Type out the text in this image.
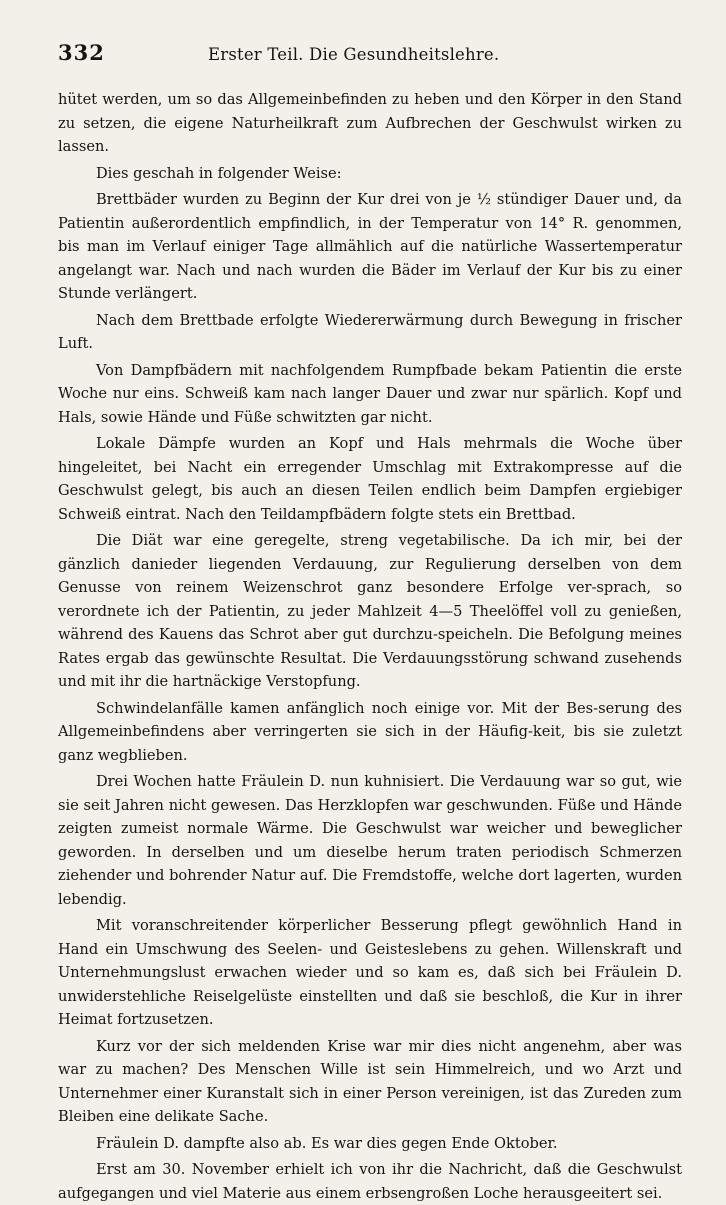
332	Erster Teil. Die Gesundheitslehre.

hütet werden, um so das Allgemeinbefinden zu heben und den Körper in den Stand zu setzen, die eigene Naturheilkraft zum Aufbrechen der Geschwulst wirken zu lassen.

Dies geschah in folgender Weise:

Brettbäder wurden zu Beginn der Kur drei von je ½ stündiger Dauer und, da Patientin außerordentlich empfindlich, in der Temperatur von 14° R. genommen, bis man im Verlauf einiger Tage allmählich auf die natürliche Wassertemperatur angelangt war. Nach und nach wurden die Bäder im Verlauf der Kur bis zu einer Stunde verlängert.

Nach dem Brettbade erfolgte Wiedererwärmung durch Bewegung in frischer Luft.

Von Dampfbädern mit nachfolgendem Rumpfbade bekam Patientin die erste Woche nur eins. Schweiß kam nach langer Dauer und zwar nur spärlich. Kopf und Hals, sowie Hände und Füße schwitzten gar nicht.

Lokale Dämpfe wurden an Kopf und Hals mehrmals die Woche über hingeleitet, bei Nacht ein erregender Umschlag mit Extrakompresse auf die Geschwulst gelegt, bis auch an diesen Teilen endlich beim Dampfen ergiebiger Schweiß eintrat. Nach den Teildampfbädern folgte stets ein Brettbad.

Die Diät war eine geregelte, streng vegetabilische. Da ich mir, bei der gänzlich danieder liegenden Verdauung, zur Regulierung derselben von dem Genusse von reinem Weizenschrot ganz besondere Erfolge ver-sprach, so verordnete ich der Patientin, zu jeder Mahlzeit 4—5 Theelöffel voll zu genießen, während des Kauens das Schrot aber gut durchzu-speicheln. Die Befolgung meines Rates ergab das gewünschte Resultat. Die Verdauungsstörung schwand zusehends und mit ihr die hartnäckige Verstopfung.

Schwindelanfälle kamen anfänglich noch einige vor. Mit der Bes-serung des Allgemeinbefindens aber verringerten sie sich in der Häufig-keit, bis sie zuletzt ganz wegblieben.

Drei Wochen hatte Fräulein D. nun kuhnisiert. Die Verdauung war so gut, wie sie seit Jahren nicht gewesen. Das Herzklopfen war geschwunden. Füße und Hände zeigten zumeist normale Wärme. Die Geschwulst war weicher und beweglicher geworden. In derselben und um dieselbe herum traten periodisch Schmerzen ziehender und bohrender Natur auf. Die Fremdstoffe, welche dort lagerten, wurden lebendig.

Mit voranschreitender körperlicher Besserung pflegt gewöhnlich Hand in Hand ein Umschwung des Seelen- und Geisteslebens zu gehen. Willenskraft und Unternehmungslust erwachen wieder und so kam es, daß sich bei Fräulein D. unwiderstehliche Reiselgelüste einstellten und daß sie beschloß, die Kur in ihrer Heimat fortzusetzen.

Kurz vor der sich meldenden Krise war mir dies nicht angenehm, aber was war zu machen? Des Menschen Wille ist sein Himmelreich, und wo Arzt und Unternehmer einer Kuranstalt sich in einer Person vereinigen, ist das Zureden zum Bleiben eine delikate Sache.

Fräulein D. dampfte also ab. Es war dies gegen Ende Oktober.

Erst am 30. November erhielt ich von ihr die Nachricht, daß die Geschwulst aufgegangen und viel Materie aus einem erbsengroßen Loche herausgeeitert sei.
